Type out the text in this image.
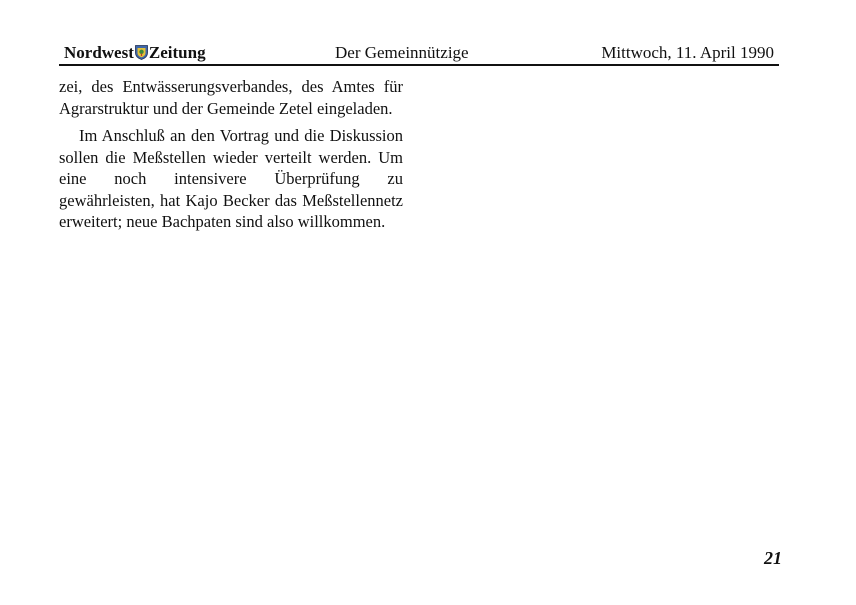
Nordwest Zeitung	Der Gemeinnützige	Mittwoch, 11. April 1990

zei, des Entwässerungsverbandes, des Amtes für Agrarstruktur und der Gemeinde Zetel eingeladen.

Im Anschluß an den Vortrag und die Diskussion sollen die Meßstellen wieder verteilt werden. Um eine noch intensivere Überprüfung zu gewährleisten, hat Kajo Becker das Meßstellennetz erweitert; neue Bachpaten sind also willkommen.

21
